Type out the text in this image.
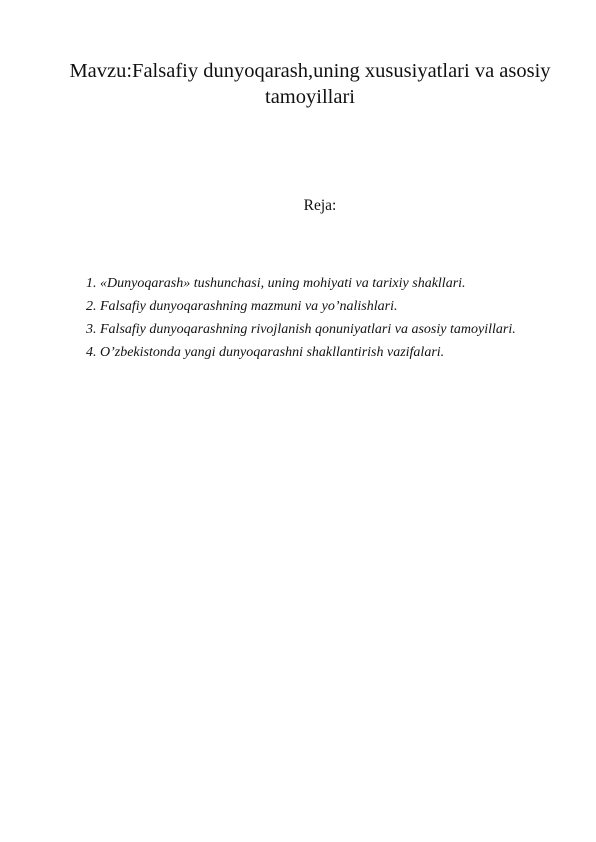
Mavzu:Falsafiy dunyoqarash,uning xususiyatlari va asosiy tamoyillari

Reja:

1. «Dunyoqarash» tushunchasi, uning mohiyati va tarixiy shakllari.
2. Falsafiy dunyoqarashning mazmuni va yo’nalishlari.
3. Falsafiy dunyoqarashning rivojlanish qonuniyatlari va asosiy tamoyillari.
4. O’zbekistonda yangi dunyoqarashni shakllantirish vazifalari.
